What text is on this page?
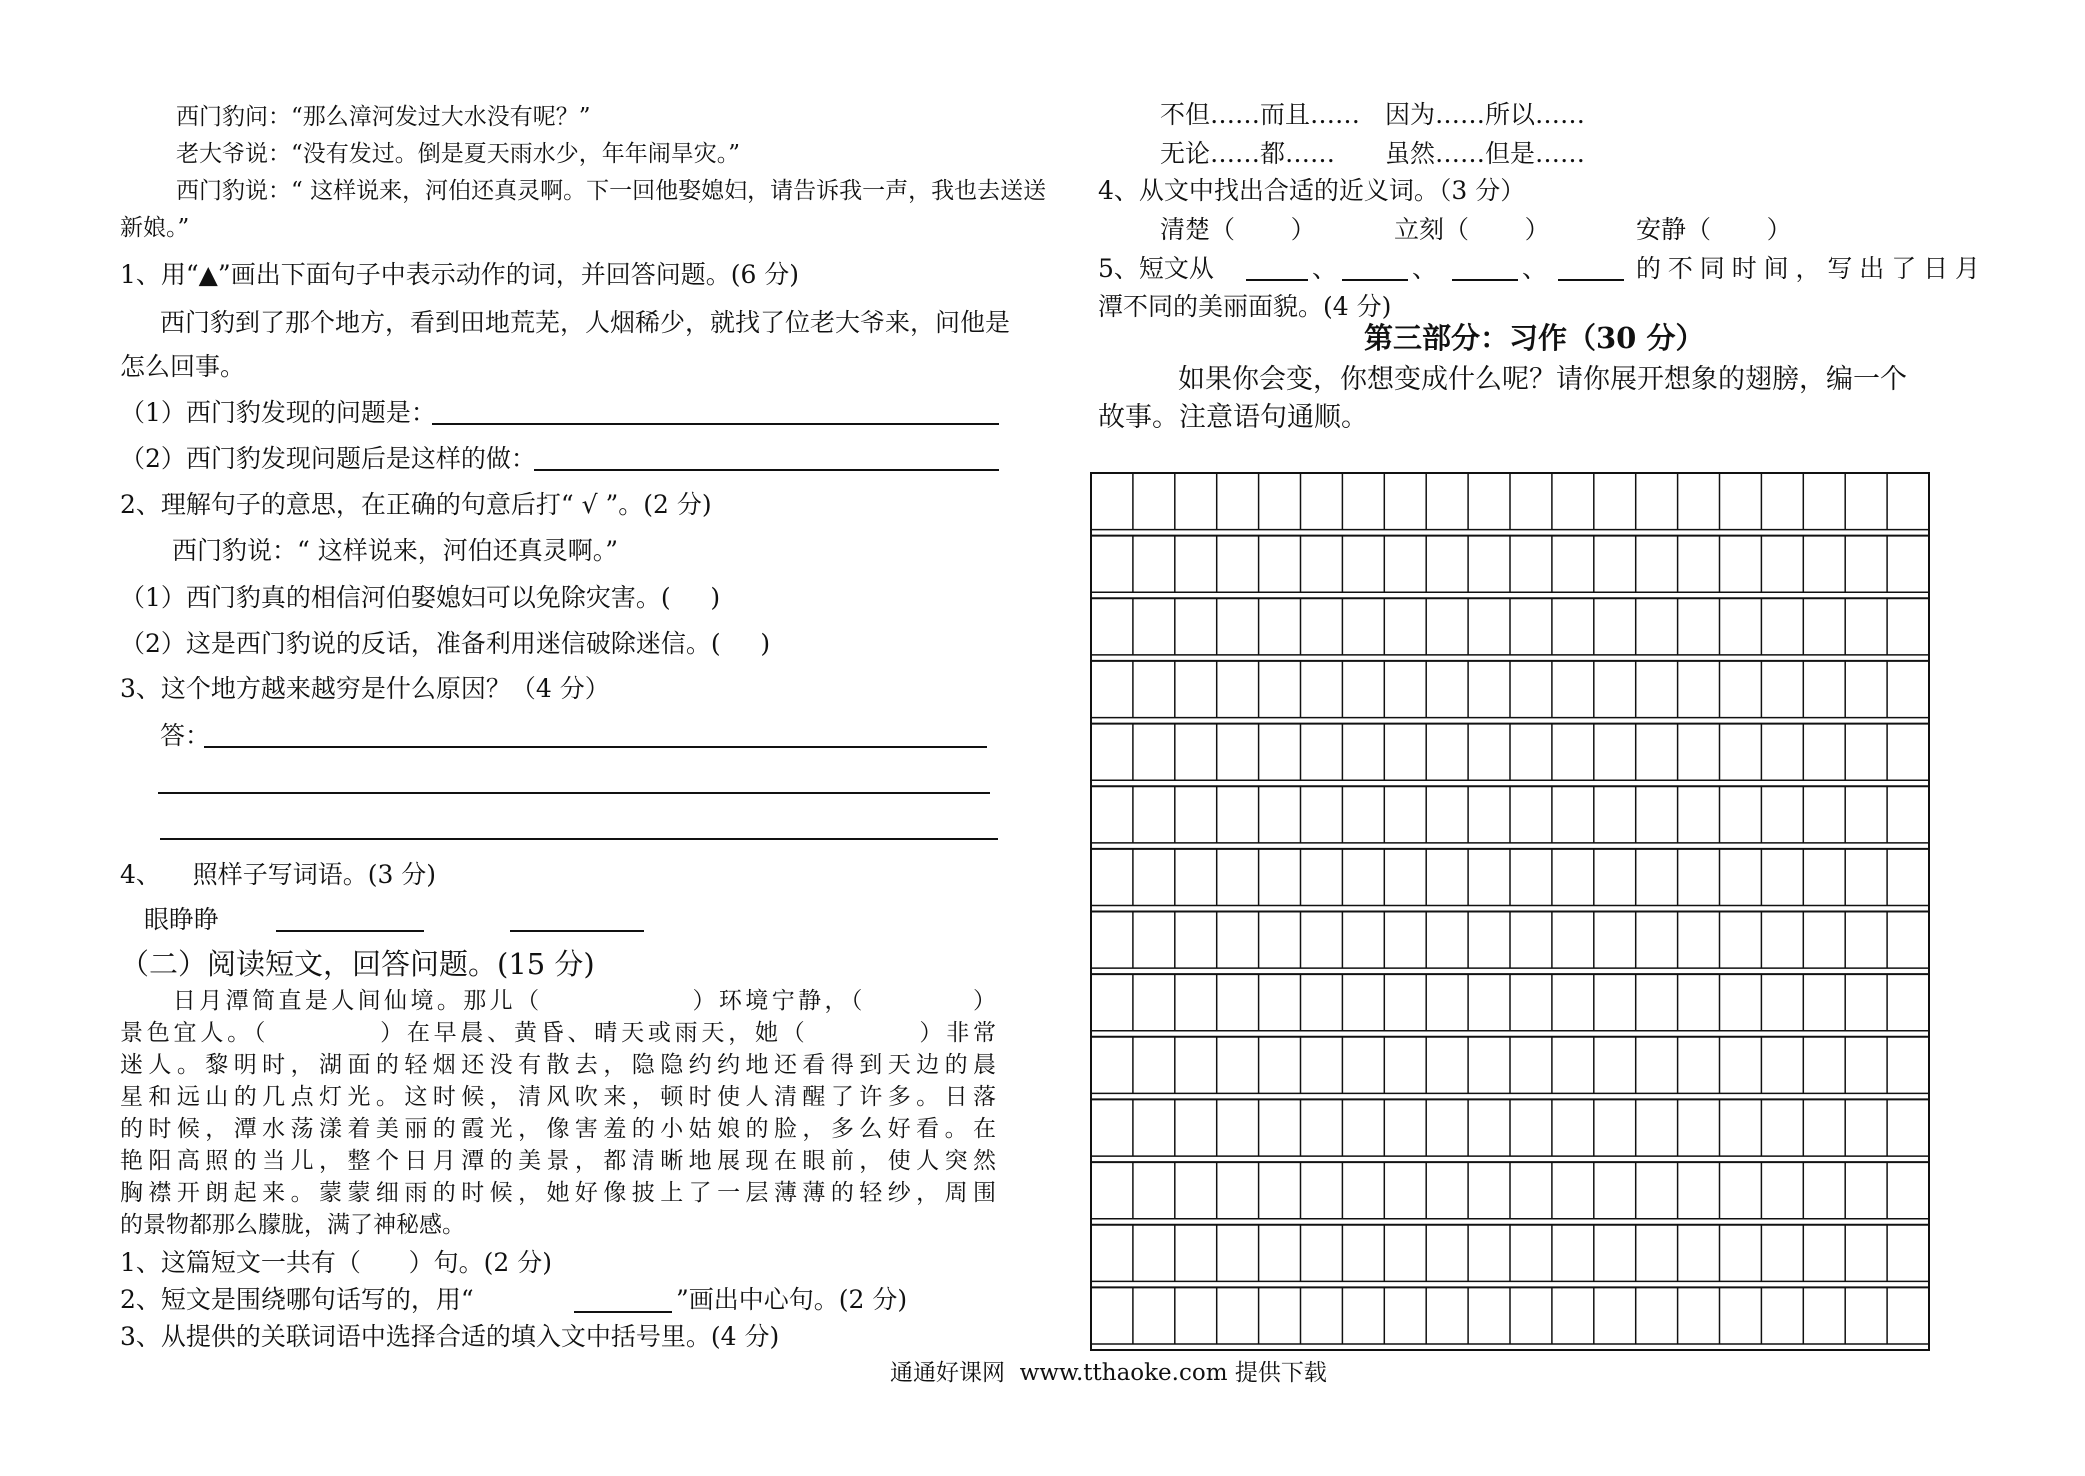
西门豹问：“那么漳河发过大水没有呢？”
老大爷说：“没有发过。倒是夏天雨水少，年年闹旱灾。”
西门豹说：“ 这样说来，河伯还真灵啊。下一回他娶媳妇，请告诉我一声，我也去送送
新娘。”
1、用“▲”画出下面句子中表示动作的词，并回答问题。(6 分)
西门豹到了那个地方，看到田地荒芜，人烟稀少，就找了位老大爷来，问他是
怎么回事。
（1）西门豹发现的问题是：
（2）西门豹发现问题后是这样的做：
2、理解句子的意思，在正确的句意后打“ √ ”。(2 分)
西门豹说：“ 这样说来，河伯还真灵啊。”
（1）西门豹真的相信河伯娶媳妇可以免除灾害。(     )
（2）这是西门豹说的反话，准备利用迷信破除迷信。(     )
3、这个地方越来越穷是什么原因？（4 分）
答：
4、    照样子写词语。(3 分)
眼睁睁
（二）阅读短文，回答问题。(15 分)
　　日月潭简直是人间仙境。那儿（              ）环境宁静，（          ）
景色宜人。（          ）在早晨、黄昏、晴天或雨天，她（          ）非常
迷人。黎明时，湖面的轻烟还没有散去，隐隐约约地还看得到天边的晨
星和远山的几点灯光。这时候，清风吹来，顿时使人清醒了许多。日落
的时候，潭水荡漾着美丽的霞光，像害羞的小姑娘的脸，多么好看。在
艳阳高照的当儿，整个日月潭的美景，都清晰地展现在眼前，使人突然
胸襟开朗起来。蒙蒙细雨的时候，她好像披上了一层薄薄的轻纱，周围
的景物都那么朦胧，满了神秘感。
1、这篇短文一共有（      ）句。(2 分)
2、短文是围绕哪句话写的，用“	”画出中心句。(2 分)
3、从提供的关联词语中选择合适的填入文中括号里。(4 分)
不但……而且……　因为……所以……
无论……都……　　虽然……但是……
4、从文中找出合适的近义词。（3 分）
清楚（       ）	立刻（       ）	安静（       ）
5、短文从	、	、	、	的不同时间，写出了日月
潭不同的美丽面貌。(4 分)
第三部分：习作（30 分）
　　如果你会变，你想变成什么呢？请你展开想象的翅膀，编一个
故事。注意语句通顺。
通通好课网  www.tthaoke.com 提供下载
